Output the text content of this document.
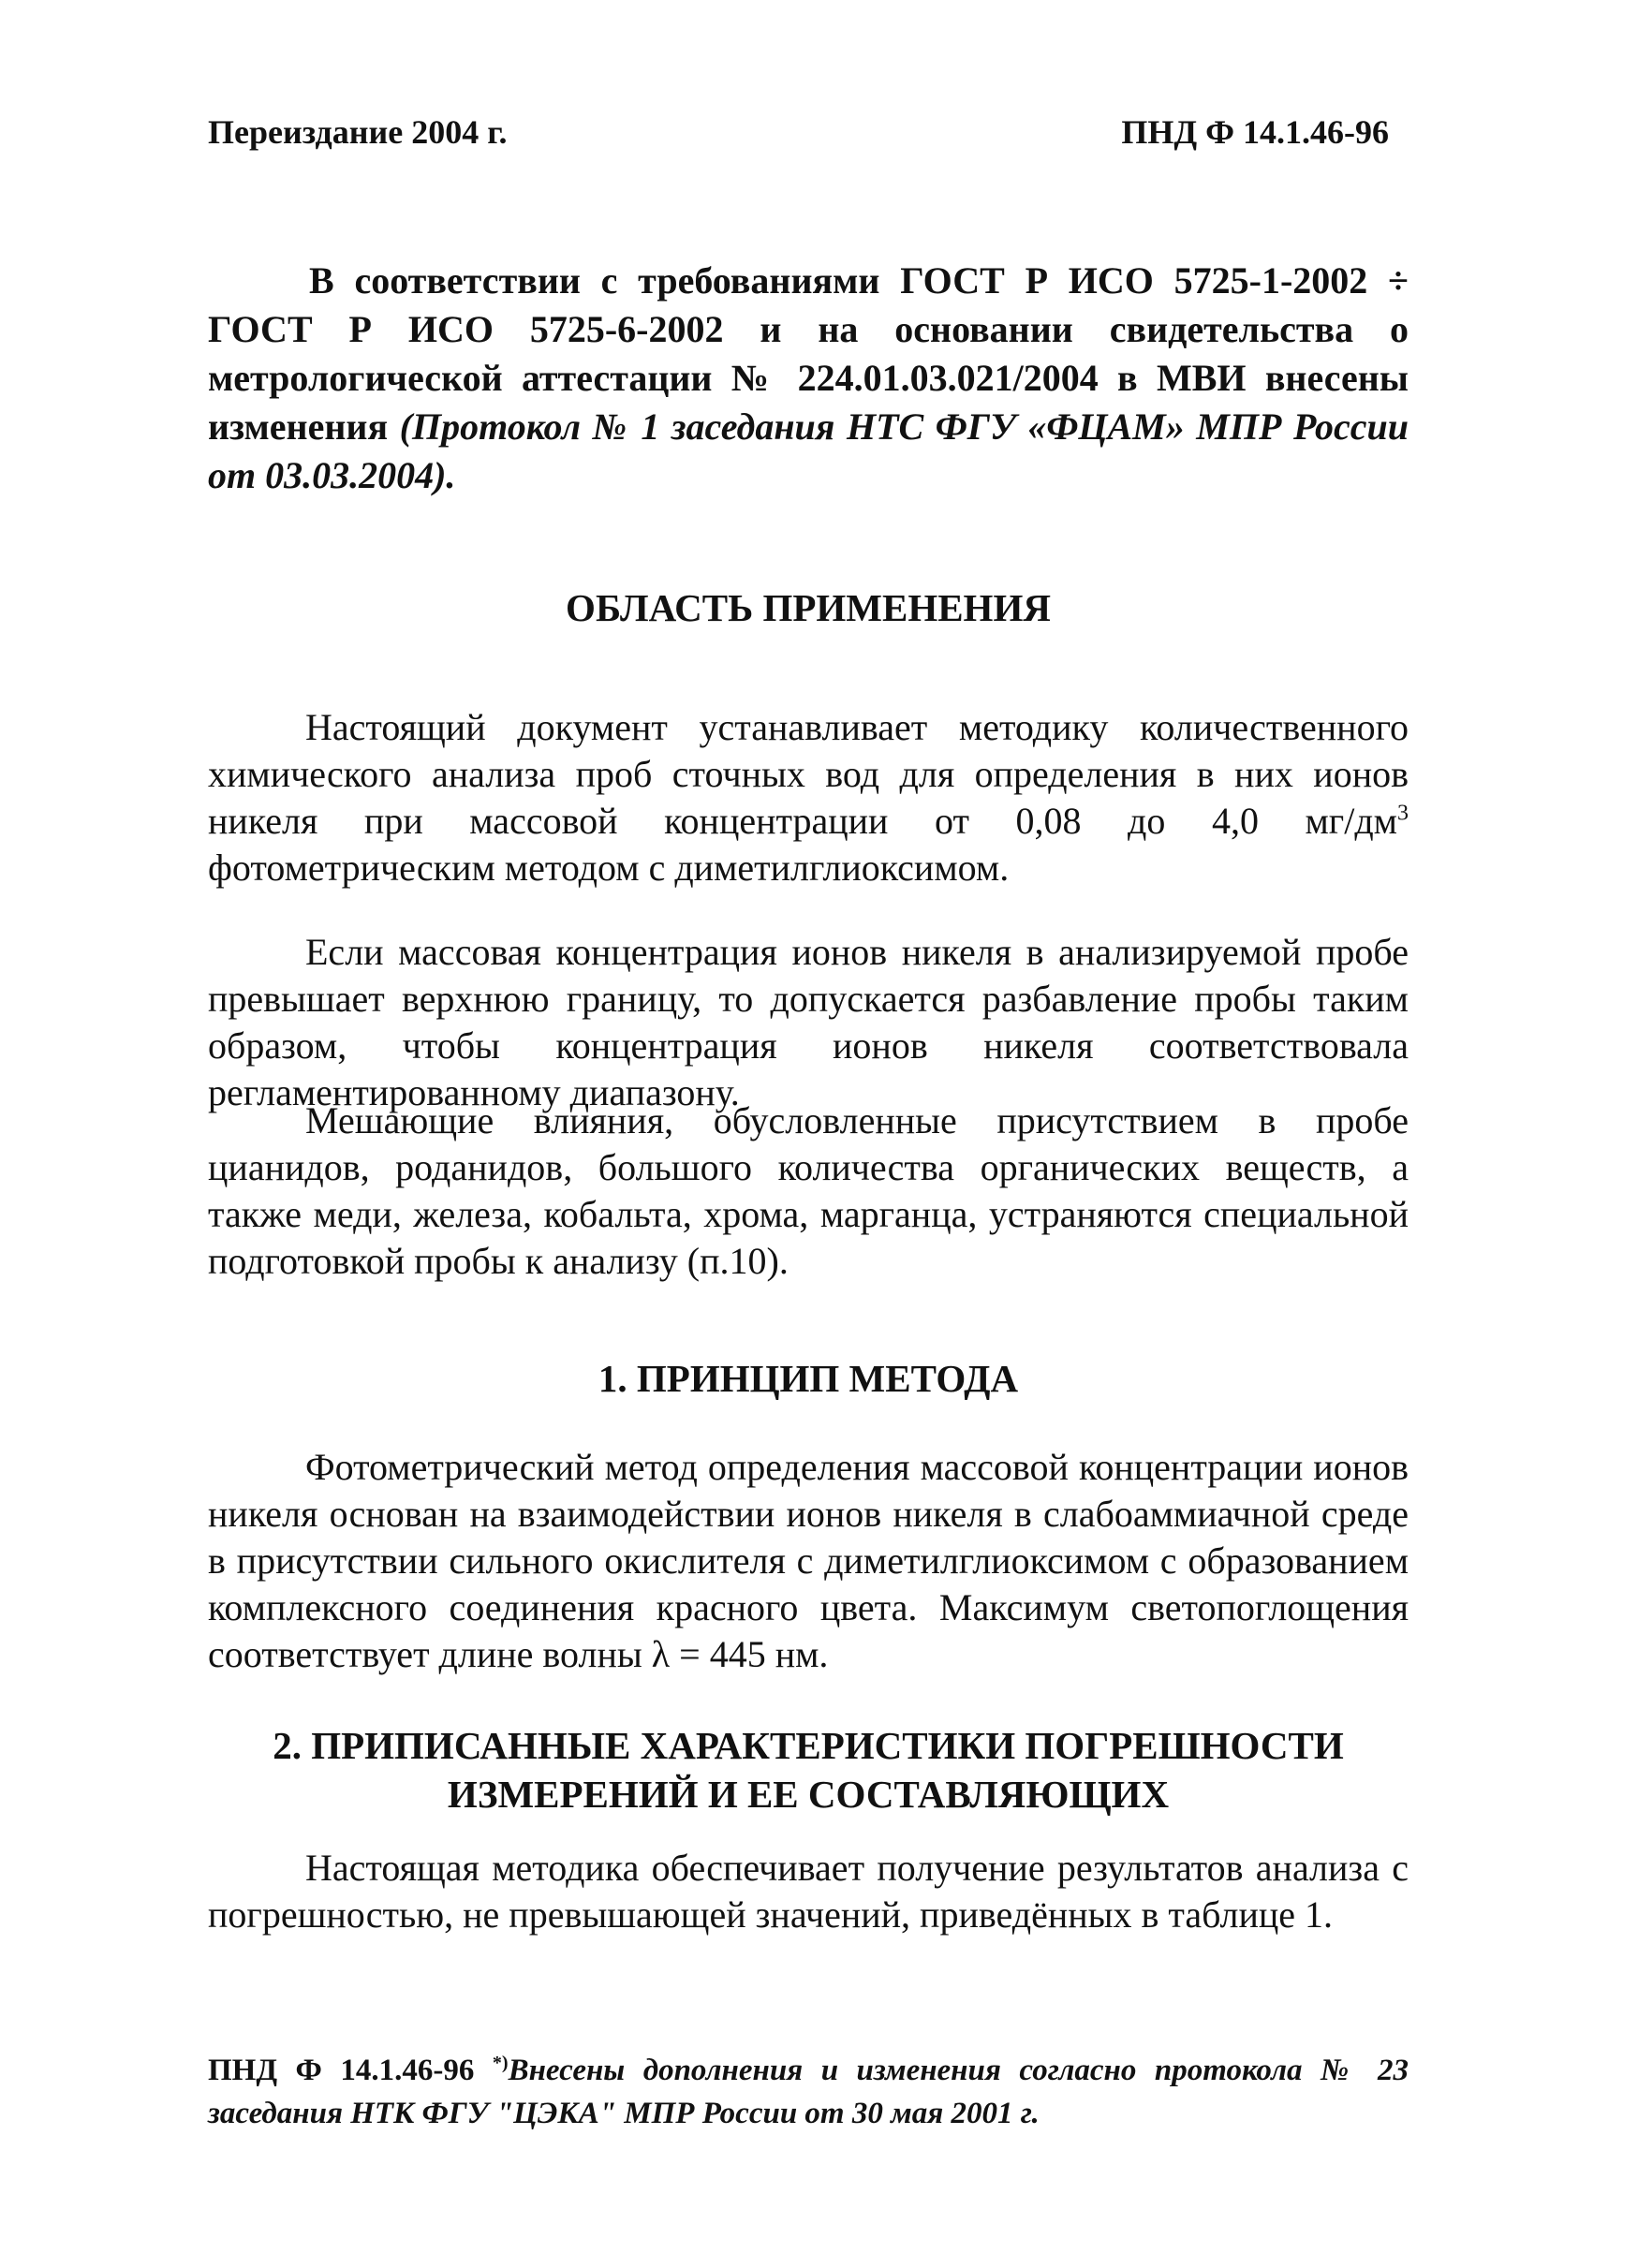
Переиздание 2004 г.	ПНД Ф 14.1.46-96
В соответствии с требованиями ГОСТ Р ИСО 5725-1-2002 ÷ ГОСТ Р ИСО 5725-6-2002 и на основании свидетельства о метрологической аттестации № 224.01.03.021/2004 в МВИ внесены изменения (Протокол № 1 заседания НТС ФГУ «ФЦАМ» МПР России от 03.03.2004).
ОБЛАСТЬ ПРИМЕНЕНИЯ
Настоящий документ устанавливает методику количественного химического анализа проб сточных вод для определения в них ионов никеля при массовой концентрации от 0,08 до 4,0 $мг/дм^3$ фотометрическим методом с диметилглиоксимом.
Если массовая концентрация ионов никеля в анализируемой пробе превышает верхнюю границу, то допускается разбавление пробы таким образом, чтобы концентрация ионов никеля соответствовала регламентированному диапазону.
Мешающие влияния, обусловленные присутствием в пробе цианидов, роданидов, большого количества органических веществ, а также меди, железа, кобальта, хрома, марганца, устраняются специальной подготовкой пробы к анализу (п.10).
1. ПРИНЦИП МЕТОДА
Фотометрический метод определения массовой концентрации ионов никеля основан на взаимодействии ионов никеля в слабоаммиачной среде в присутствии сильного окислителя с диметилглиоксимом с образованием комплексного соединения красного цвета. Максимум светопоглощения соответствует длине волны λ = 445 нм.
2. ПРИПИСАННЫЕ ХАРАКТЕРИСТИКИ ПОГРЕШНОСТИ
ИЗМЕРЕНИЙ И ЕЕ СОСТАВЛЯЮЩИХ
Настоящая методика обеспечивает получение результатов анализа с погрешностью, не превышающей значений, приведённых в таблице 1.
ПНД Ф 14.1.46-96 *)Внесены дополнения и изменения согласно протокола № 23 заседания НТК ФГУ "ЦЭКА" МПР России от 30 мая 2001 г.
